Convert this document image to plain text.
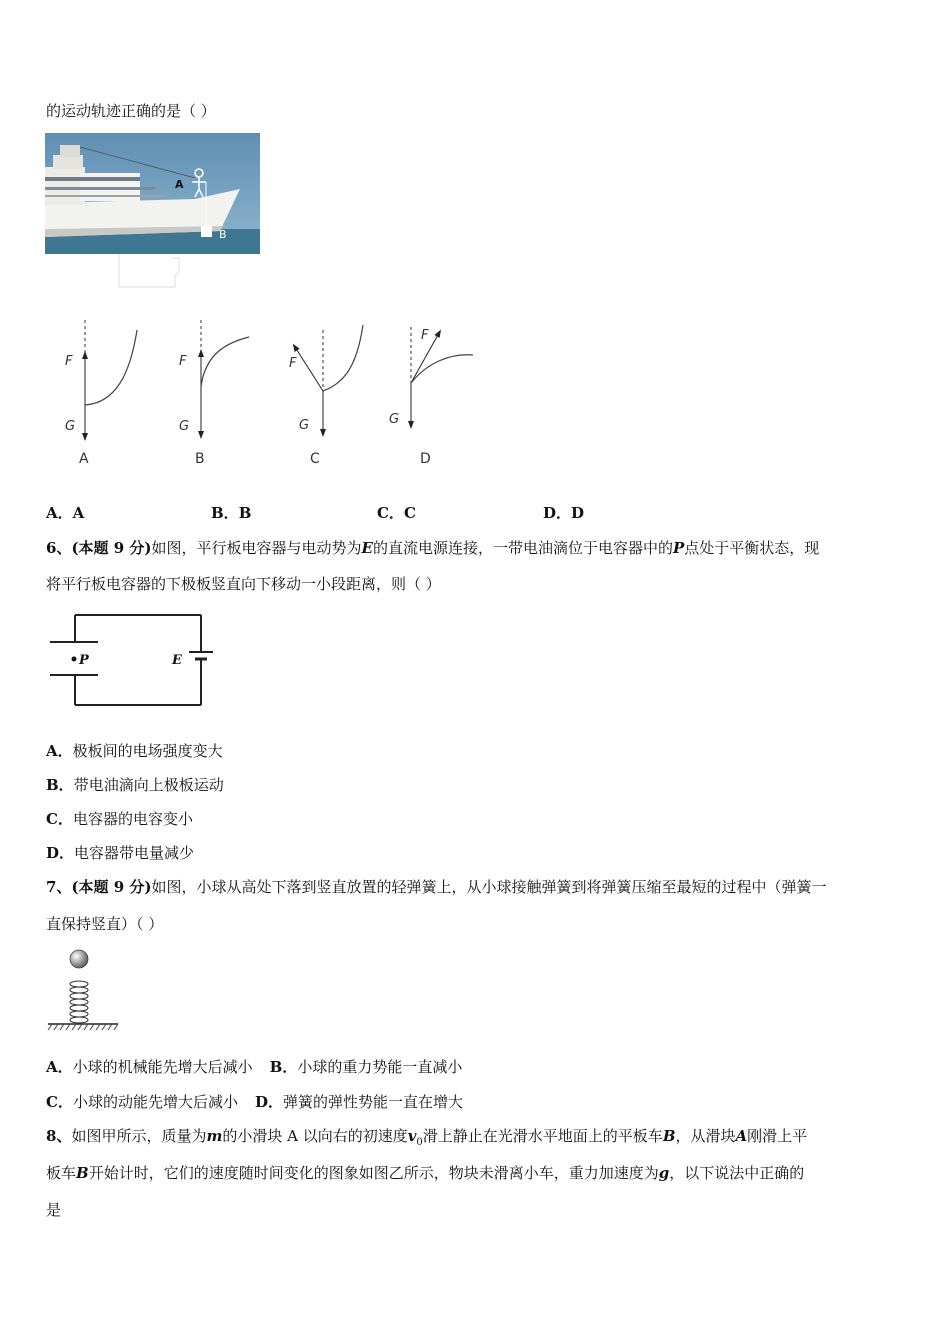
的运动轨迹正确的是（ ）
A
B
F
G
A
F
G
B
F
G
C
F
G
D
A．A	B．B	C．C	D．D
6、(本题 9 分)如图，平行板电容器与电动势为E的直流电源连接，一带电油滴位于电容器中的P点处于平衡状态，现
将平行板电容器的下极板竖直向下移动一小段距离，则（ ）
P	E
A．极板间的电场强度变大
B．带电油滴向上极板运动
C．电容器的电容变小
D．电容器带电量减少
7、(本题 9 分)如图，小球从高处下落到竖直放置的轻弹簧上，从小球接触弹簧到将弹簧压缩至最短的过程中（弹簧一
直保持竖直）（ ）
A．小球的机械能先增大后减小 B．小球的重力势能一直减小
C．小球的动能先增大后减小 D．弹簧的弹性势能一直在增大
8、如图甲所示，质量为m的小滑块 A 以向右的初速度$v_0$滑上静止在光滑水平地面上的平板车B，从滑块A刚滑上平
板车B开始计时，它们的速度随时间变化的图象如图乙所示，物块未滑离小车，重力加速度为g，以下说法中正确的
是
